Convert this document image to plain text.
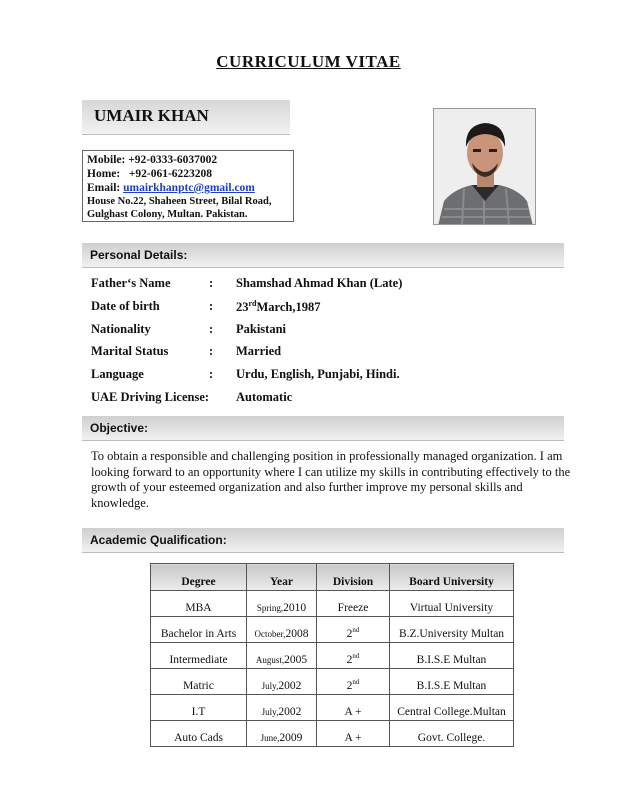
CURRICULUM VITAE
UMAIR KHAN
Mobile: +92-0333-6037002
Home:   +92-061-6223208
Email: umairkhanptc@gmail.com
House No.22, Shaheen Street, Bilal Road,
Gulghast Colony, Multan. Pakistan.
Personal Details:
Father‘s Name	: Shamshad Ahmad Khan (Late)
Date of birth	: 23rdMarch,1987
Nationality	: Pakistani
Marital Status	: Married
Language	: Urdu, English, Punjabi, Hindi.
UAE Driving License:	Automatic
Objective:
To obtain a responsible and challenging position in professionally managed organization. I am looking forward to an opportunity where I can utilize my skills in contributing effectively to the growth of your esteemed organization and also further improve my personal skills and knowledge.
Academic Qualification:
Degree	Year	Division	Board University
MBA	Spring,2010	Freeze	Virtual University
Bachelor in Arts	October,2008	2nd	B.Z.University Multan
Intermediate	August,2005	2nd	B.I.S.E Multan
Matric	July,2002	2nd	B.I.S.E Multan
I.T	July,2002	A +	Central College.Multan
Auto Cads	June,2009	A +	Govt. College.
